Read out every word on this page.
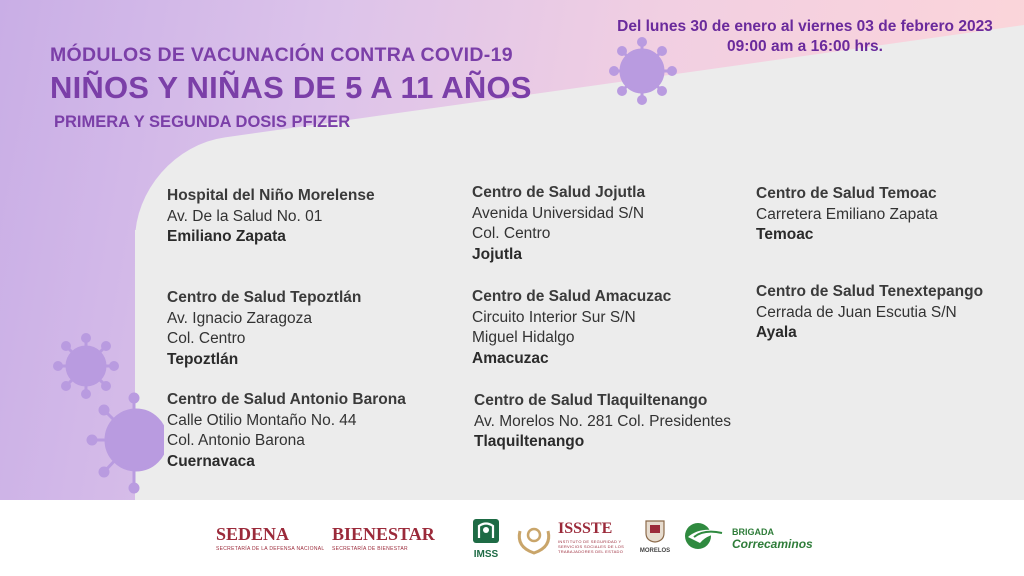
Del lunes 30 de enero al viernes 03 de febrero 2023
09:00 am a 16:00 hrs.
MÓDULOS DE VACUNACIÓN CONTRA COVID-19
NIÑOS Y NIÑAS DE 5 A 11 AÑOS
PRIMERA Y SEGUNDA DOSIS PFIZER
Hospital del Niño Morelense
Av. De la Salud No. 01
Emiliano Zapata
Centro de Salud Tepoztlán
Av. Ignacio Zaragoza
Col. Centro
Tepoztlán
Centro de Salud Antonio Barona
Calle Otilio Montaño No. 44
Col. Antonio Barona
Cuernavaca
Centro de Salud Jojutla
Avenida Universidad S/N
Col. Centro
Jojutla
Centro de Salud Amacuzac
Circuito Interior Sur S/N
Miguel Hidalgo
Amacuzac
Centro de Salud Tlaquiltenango
Av. Morelos No. 281 Col. Presidentes
Tlaquiltenango
Centro de Salud Temoac
Carretera Emiliano Zapata
Temoac
Centro de Salud Tenextepango
Cerrada de Juan Escutia S/N
Ayala
SEDENA
SECRETARÍA DE LA DEFENSA NACIONAL
BIENESTAR
SECRETARÍA DE BIENESTAR	IMSS
ISSSTE
INSTITUTO DE SEGURIDAD Y SERVICIOS SOCIALES DE LOS TRABAJADORES DEL ESTADO	MORELOS
BRIGADA
Correcaminos
